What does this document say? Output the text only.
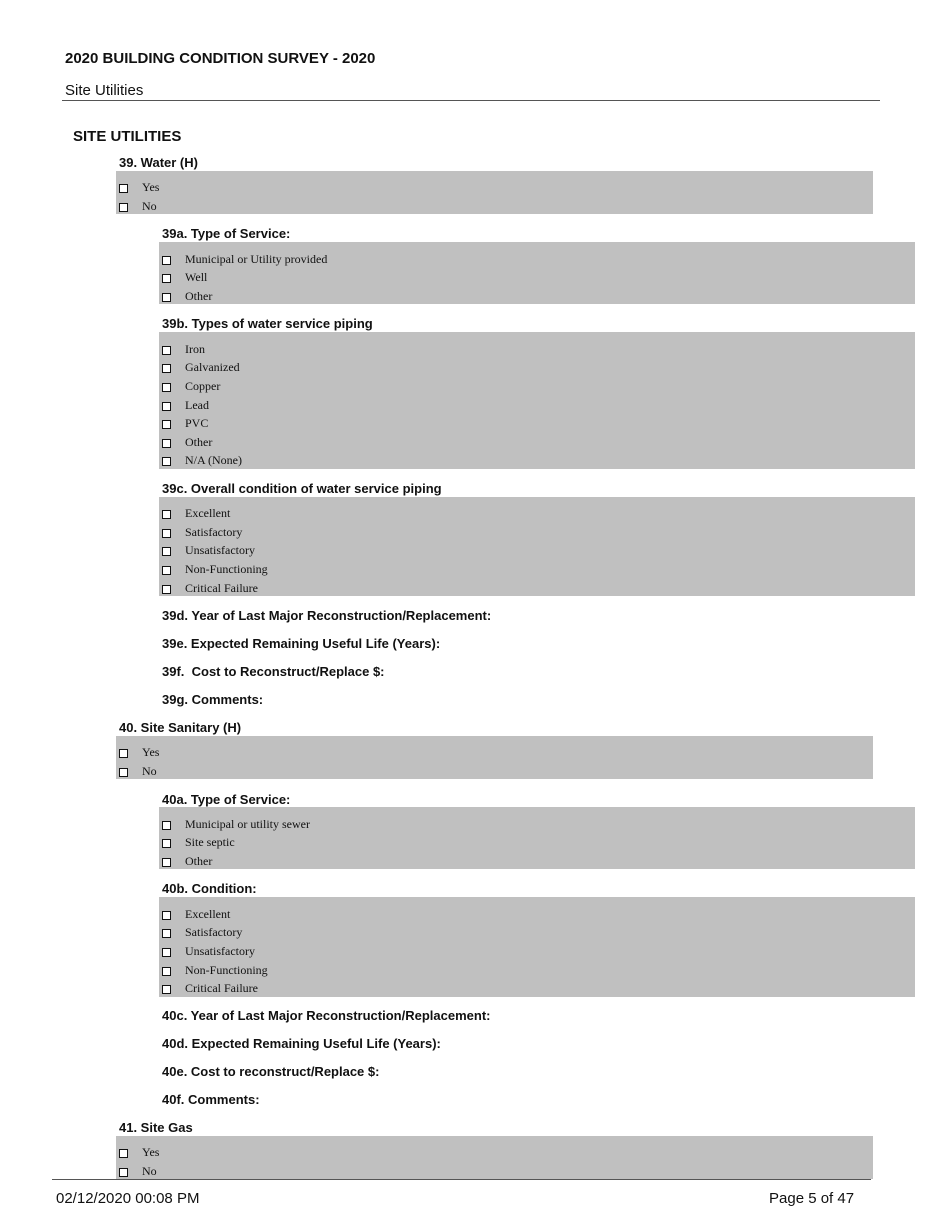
2020 BUILDING CONDITION SURVEY - 2020
Site Utilities
SITE UTILITIES
39. Water (H)
Yes
No
39a. Type of Service:
Municipal or Utility provided
Well
Other
39b. Types of water service piping
Iron
Galvanized
Copper
Lead
PVC
Other
N/A (None)
39c. Overall condition of water service piping
Excellent
Satisfactory
Unsatisfactory
Non-Functioning
Critical Failure
39d. Year of Last Major Reconstruction/Replacement:
39e. Expected Remaining Useful Life (Years):
39f.  Cost to Reconstruct/Replace $:
39g. Comments:
40. Site Sanitary (H)
Yes
No
40a. Type of Service:
Municipal or utility sewer
Site septic
Other
40b. Condition:
Excellent
Satisfactory
Unsatisfactory
Non-Functioning
Critical Failure
40c. Year of Last Major Reconstruction/Replacement:
40d. Expected Remaining Useful Life (Years):
40e. Cost to reconstruct/Replace $:
40f. Comments:
41. Site Gas
Yes
No
02/12/2020 00:08 PM	Page 5 of 47
